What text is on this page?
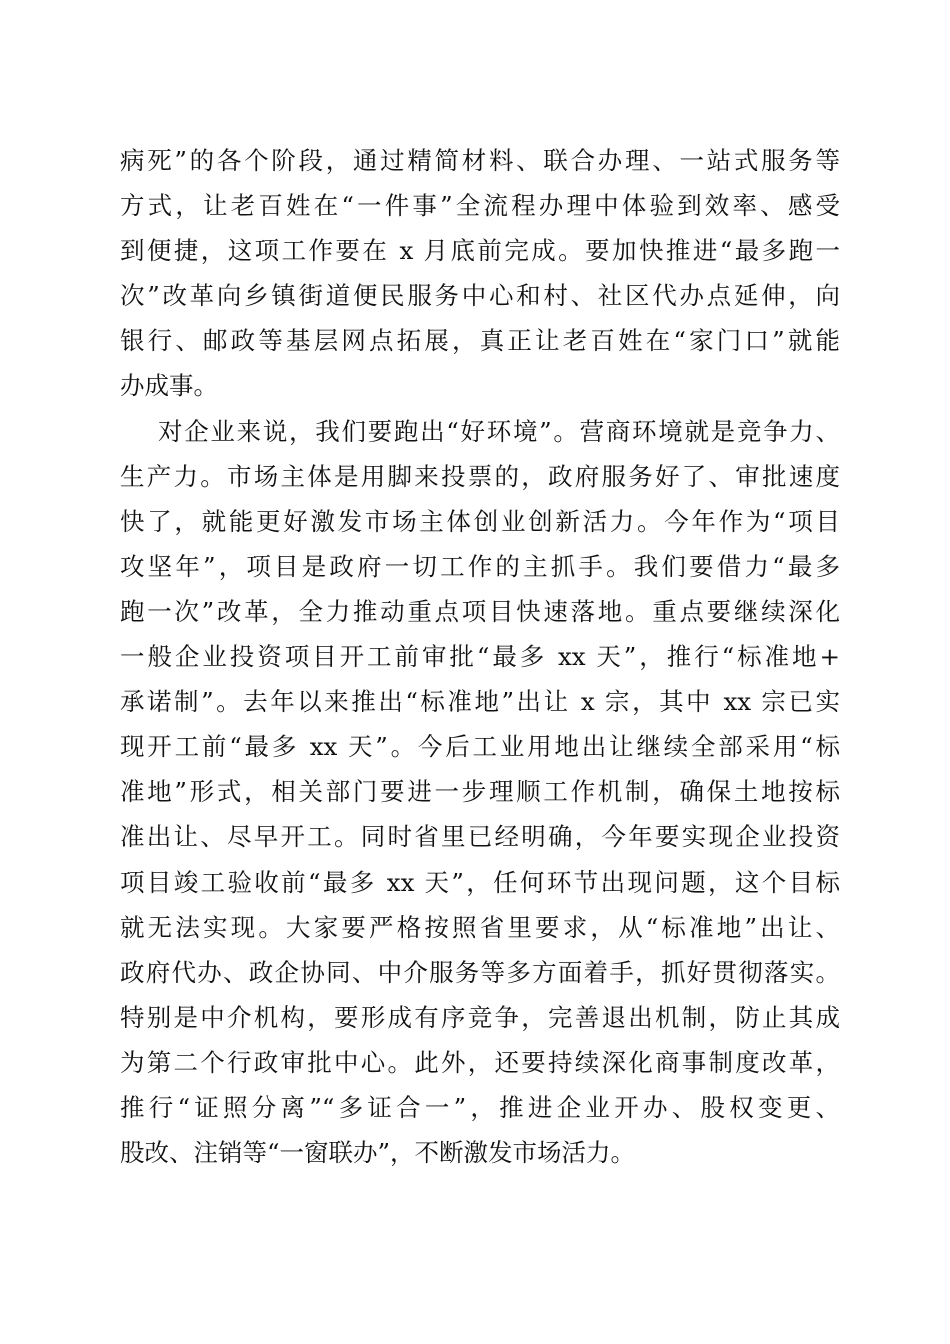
病死”的各个阶段，通过精简材料、联合办理、一站式服务等
方式，让老百姓在“一件事”全流程办理中体验到效率、感受
到便捷，这项工作要在 x 月底前完成。要加快推进“最多跑一
次”改革向乡镇街道便民服务中心和村、社区代办点延伸，向
银行、邮政等基层网点拓展，真正让老百姓在“家门口”就能
办成事。
对企业来说，我们要跑出“好环境”。营商环境就是竞争力、
生产力。市场主体是用脚来投票的，政府服务好了、审批速度
快了，就能更好激发市场主体创业创新活力。今年作为“项目
攻坚年”，项目是政府一切工作的主抓手。我们要借力“最多
跑一次”改革，全力推动重点项目快速落地。重点要继续深化
一般企业投资项目开工前审批“最多 xx 天”，推行“标准地+
承诺制”。去年以来推出“标准地”出让 x 宗，其中 xx 宗已实
现开工前“最多 xx 天”。今后工业用地出让继续全部采用“标
准地”形式，相关部门要进一步理顺工作机制，确保土地按标
准出让、尽早开工。同时省里已经明确，今年要实现企业投资
项目竣工验收前“最多 xx 天”，任何环节出现问题，这个目标
就无法实现。大家要严格按照省里要求，从“标准地”出让、
政府代办、政企协同、中介服务等多方面着手，抓好贯彻落实。
特别是中介机构，要形成有序竞争，完善退出机制，防止其成
为第二个行政审批中心。此外，还要持续深化商事制度改革，
推行“证照分离”“多证合一”，推进企业开办、股权变更、
股改、注销等“一窗联办”，不断激发市场活力。
